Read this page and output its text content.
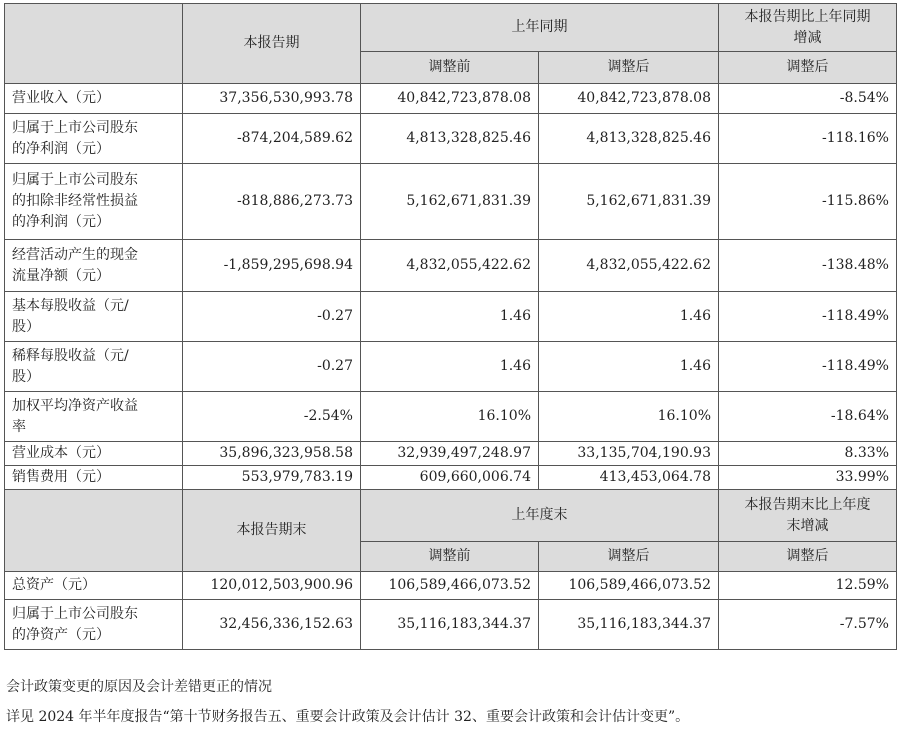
	本报告期	上年同期		本报告期比上年同期
增减

		调整前	调整后	调整后

营业收入（元）	37,356,530,993.78	40,842,723,878.08	40,842,723,878.08	-8.54%

归属于上市公司股东
的净利润（元）	-874,204,589.62	4,813,328,825.46	4,813,328,825.46	-118.16%

归属于上市公司股东
的扣除非经常性损益
的净利润（元）	-818,886,273.73	5,162,671,831.39	5,162,671,831.39	-115.86%

经营活动产生的现金
流量净额（元）	-1,859,295,698.94	4,832,055,422.62	4,832,055,422.62	-138.48%

基本每股收益（元/
股）	-0.27	1.46	1.46	-118.49%

稀释每股收益（元/
股）	-0.27	1.46	1.46	-118.49%

加权平均净资产收益
率	-2.54%	16.10%	16.10%	-18.64%

营业成本（元）	35,896,323,958.58	32,939,497,248.97	33,135,704,190.93	8.33%

销售费用（元）	553,979,783.19	609,660,006.74	413,453,064.78	33.99%
	本报告期末	上年度末		本报告期末比上年度
末增减

		调整前	调整后	调整后

总资产（元）	120,012,503,900.96	106,589,466,073.52	106,589,466,073.52	12.59%

归属于上市公司股东
的净资产（元）	32,456,336,152.63	35,116,183,344.37	35,116,183,344.37	-7.57%
会计政策变更的原因及会计差错更正的情况
详见 2024 年半年度报告“第十节财务报告五、重要会计政策及会计估计 32、重要会计政策和会计估计变更”。
